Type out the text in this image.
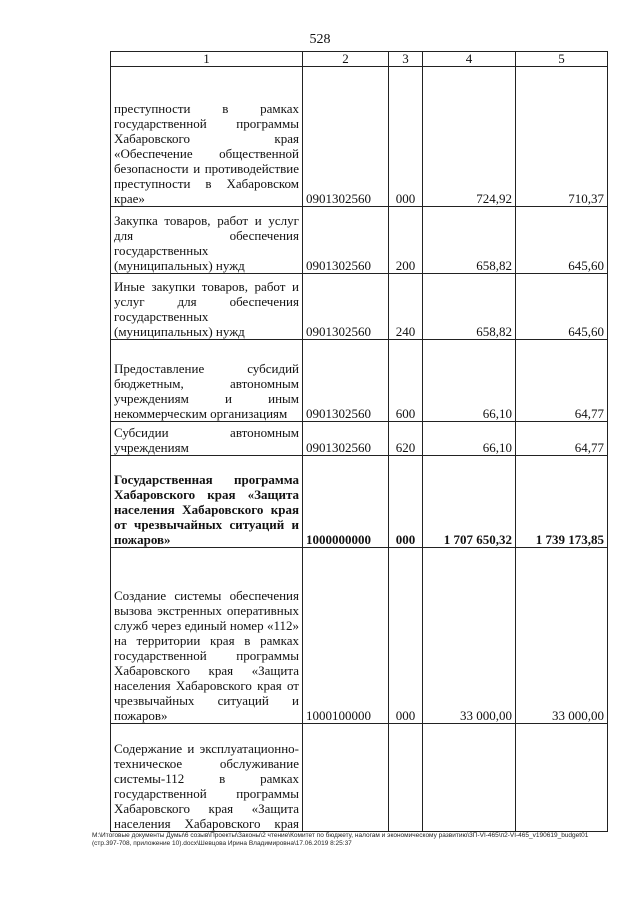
528
1	2	3	4	5
преступности в рамках государственной программы Хабаровского края «Обеспечение общественной безопасности и противодействие преступности в Хабаровском крае»	0901302560	000	724,92	710,37
Закупка товаров, работ и услуг для обеспечения государственных (муниципальных) нужд	0901302560	200	658,82	645,60
Иные закупки товаров, работ и услуг для обеспечения государственных (муниципальных) нужд	0901302560	240	658,82	645,60
Предоставление субсидий бюджетным, автономным учреждениям и иным некоммерческим организациям	0901302560	600	66,10	64,77
Субсидии автономным учреждениям	0901302560	620	66,10	64,77
Государственная программа Хабаровского края «Защита населения Хабаровского края от чрезвычайных ситуаций и пожаров»	1000000000	000	1 707 650,32	1 739 173,85
Создание системы обеспечения вызова экстренных оперативных служб через единый номер «112» на территории края в рамках государственной программы Хабаровского края «Защита населения Хабаровского края от чрезвычайных ситуаций и пожаров»	1000100000	000	33 000,00	33 000,00
Содержание и эксплуатационно-техническое обслуживание системы-112 в рамках государственной программы Хабаровского края «Защита населения Хабаровского края				
M:\Итоговые документы Думы\6 созыв\Проекты\Законы\2 чтение\Комитет по бюджету, налогам и экономическому развитию\3П-VI-465\п2-VI-465_v190619_budget01 (стр.397-708, приложение 10).docx\Шевцова Ирина Владимировна\17.06.2019 8:25:37
